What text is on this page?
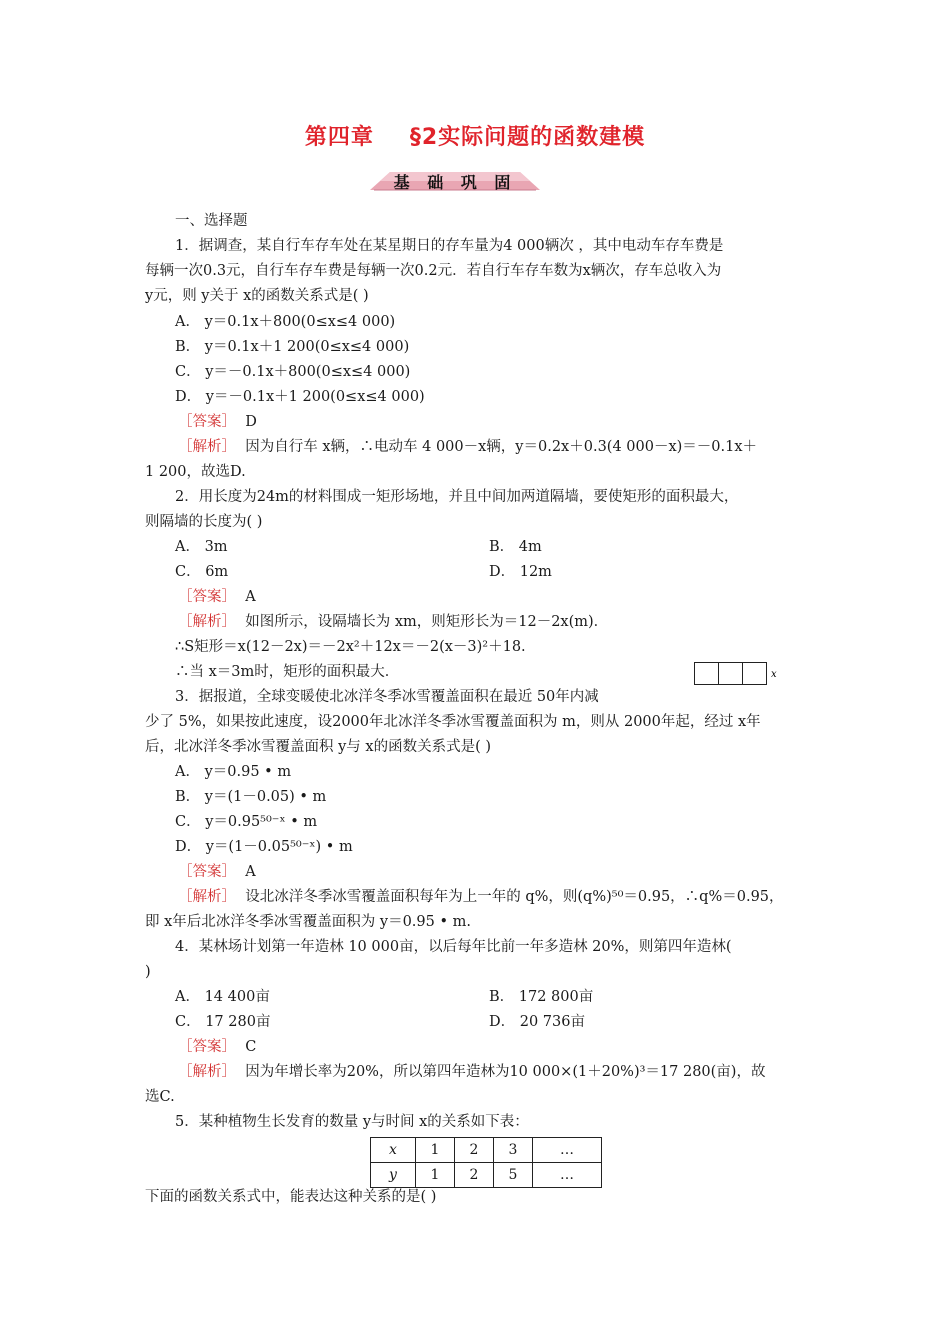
第四章 §2实际问题的函数建模
基 础 巩 固
一、选择题
1．据调查，某自行车存车处在某星期日的存车量为4 000辆次 ，其中电动车存车费是
每辆一次0.3元，自行车存车费是每辆一次0.2元．若自行车存车数为x辆次，存车总收入为
y元，则 y关于 x的函数关系式是( )
A． y＝0.1x＋800(0≤x≤4 000)
B． y＝0.1x＋1 200(0≤x≤4 000)
C． y＝－0.1x＋800(0≤x≤4 000)
D． y＝－0.1x＋1 200(0≤x≤4 000)
［答案］ D
［解析］ 因为自行车 x辆，∴电动车 4 000－x辆，y＝0.2x＋0.3(4 000－x)＝－0.1x＋
1 200，故选D.
2．用长度为24m的材料围成一矩形场地，并且中间加两道隔墙，要使矩形的面积最大，
则隔墙的长度为( )
A． 3m	B． 4m
C． 6m	D． 12m
［答案］ A
［解析］ 如图所示，设隔墙长为 xm，则矩形长为＝12－2x(m)．
∴S矩形＝x(12－2x)＝－2x²＋12x＝－2(x－3)²＋18.
∴当 x＝3m时，矩形的面积最大．
3．据报道，全球变暖使北冰洋冬季冰雪覆盖面积在最近 50年内减
少了 5%，如果按此速度，设2000年北冰洋冬季冰雪覆盖面积为 m，则从 2000年起，经过 x年
后，北冰洋冬季冰雪覆盖面积 y与 x的函数关系式是( )
A． y＝0.95 • m
B． y＝(1－0.05) • m
C． y＝0.95⁵⁰⁻ˣ • m
D． y＝(1－0.05⁵⁰⁻ˣ) • m
［答案］ A
［解析］ 设北冰洋冬季冰雪覆盖面积每年为上一年的 q%，则(q%)⁵⁰＝0.95，∴q%＝0.95，
即 x年后北冰洋冬季冰雪覆盖面积为 y＝0.95 • m.
4．某林场计划第一年造林 10 000亩，以后每年比前一年多造林 20%，则第四年造林(
)
A． 14 400亩	B． 172 800亩
C． 17 280亩	D． 20 736亩
［答案］ C
［解析］ 因为年增长率为20%，所以第四年造林为10 000×(1＋20%)³＝17 280(亩)，故
选C.
5．某种植物生长发育的数量 y与时间 x的关系如下表：
下面的函数关系式中，能表达这种关系的是( )
x
x	1	2	3	…
y	1	2	5	…
